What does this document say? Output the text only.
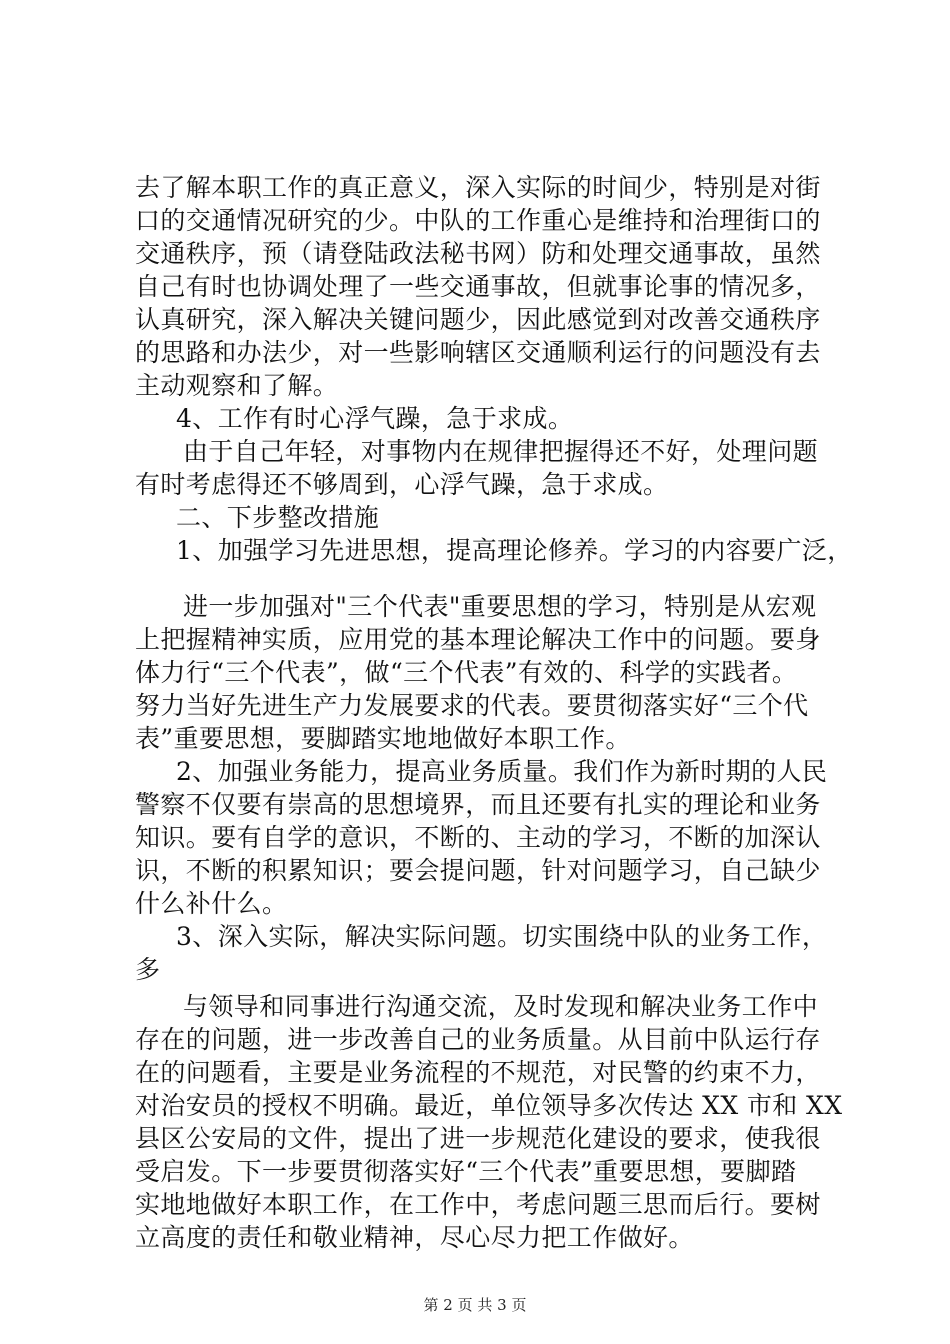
去了解本职工作的真正意义，深入实际的时间少，特别是对街
口的交通情况研究的少。中队的工作重心是维持和治理街口的
交通秩序，预（请登陆政法秘书网）防和处理交通事故，虽然
自己有时也协调处理了一些交通事故，但就事论事的情况多，
认真研究，深入解决关键问题少，因此感觉到对改善交通秩序
的思路和办法少，对一些影响辖区交通顺利运行的问题没有去
主动观察和了解。
4、工作有时心浮气躁，急于求成。
由于自己年轻，对事物内在规律把握得还不好，处理问题
有时考虑得还不够周到，心浮气躁，急于求成。
二、下步整改措施
1、加强学习先进思想，提高理论修养。学习的内容要广泛，
进一步加强对"三个代表"重要思想的学习，特别是从宏观
上把握精神实质，应用党的基本理论解决工作中的问题。要身
体力行“三个代表”，做“三个代表”有效的、科学的实践者。
努力当好先进生产力发展要求的代表。要贯彻落实好“三个代
表”重要思想，要脚踏实地地做好本职工作。
2、加强业务能力，提高业务质量。我们作为新时期的人民
警察不仅要有崇高的思想境界，而且还要有扎实的理论和业务
知识。要有自学的意识，不断的、主动的学习，不断的加深认
识，不断的积累知识；要会提问题，针对问题学习，自己缺少
什么补什么。
3、深入实际，解决实际问题。切实围绕中队的业务工作，
多
与领导和同事进行沟通交流，及时发现和解决业务工作中
存在的问题，进一步改善自己的业务质量。从目前中队运行存
在的问题看，主要是业务流程的不规范，对民警的约束不力，
对治安员的授权不明确。最近，单位领导多次传达 XX 市和 XX
县区公安局的文件，提出了进一步规范化建设的要求，使我很
受启发。下一步要贯彻落实好“三个代表”重要思想，要脚踏
实地地做好本职工作，在工作中，考虑问题三思而后行。要树
立高度的责任和敬业精神，尽心尽力把工作做好。
第 2 页 共 3 页
